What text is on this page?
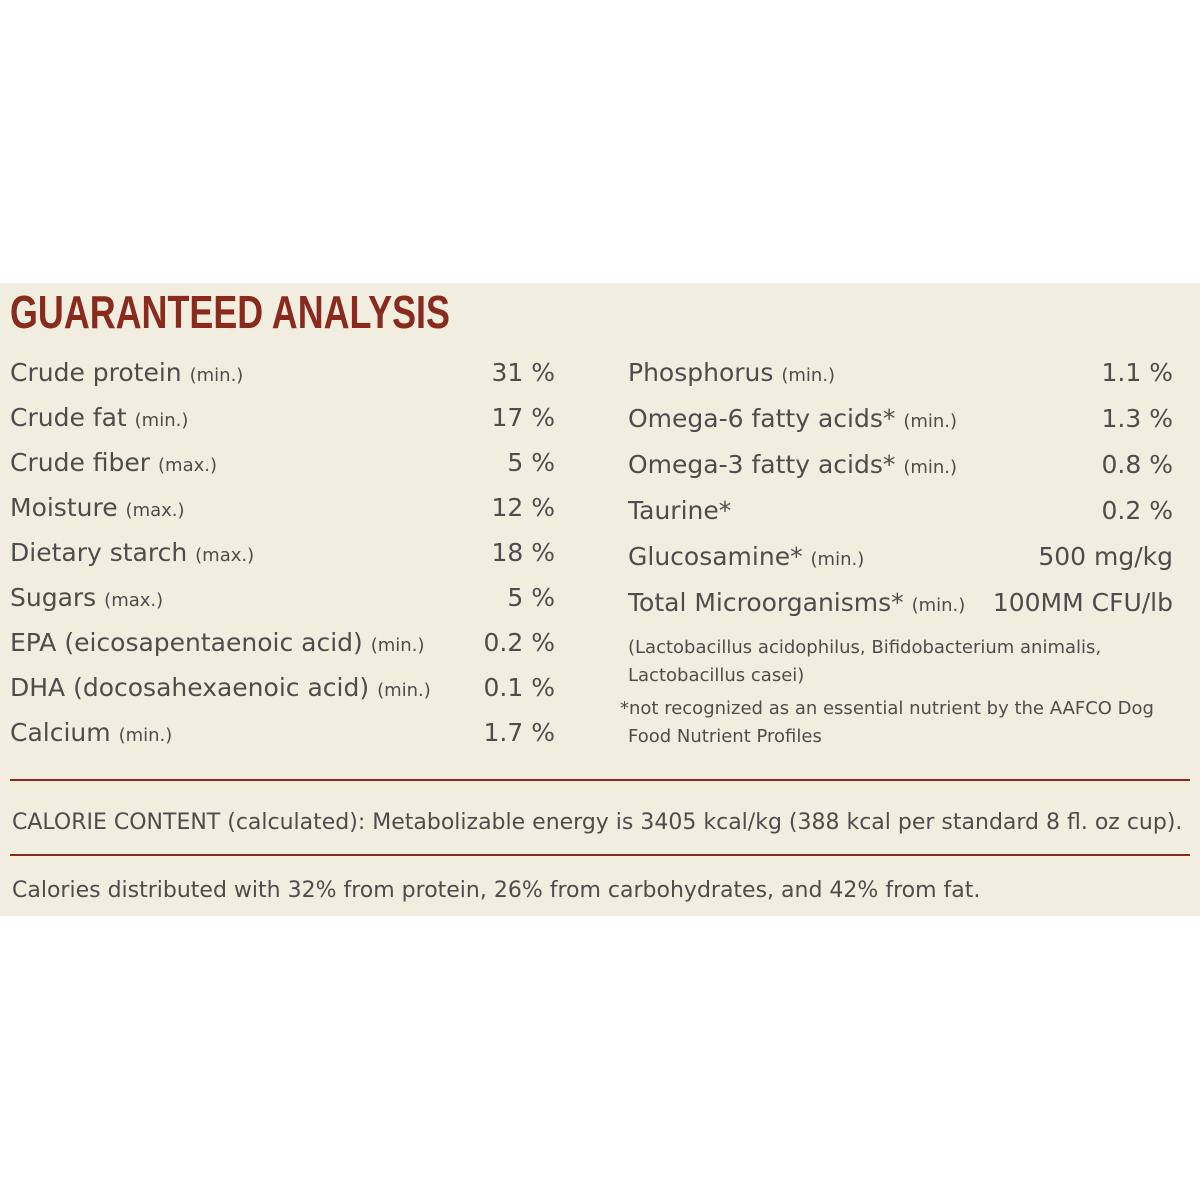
GUARANTEED ANALYSIS
Crude protein (min.)	31 %
Crude fat (min.)	17 %
Crude fiber (max.)	5 %
Moisture (max.)	12 %
Dietary starch (max.)	18 %
Sugars (max.)	5 %
EPA (eicosapentaenoic acid) (min.) 0.2 %
DHA (docosahexaenoic acid) (min.) 0.1 %
Calcium (min.)	1.7 %
Phosphorus (min.)	1.1 %
Omega-6 fatty acids* (min.)	1.3 %
Omega-3 fatty acids* (min.)	0.8 %
Taurine*	0.2 %
Glucosamine* (min.)	500 mg/kg
Total Microorganisms* (min.) 100MM CFU/lb
(Lactobacillus acidophilus, Bifidobacterium animalis, Lactobacillus casei)
*not recognized as an essential nutrient by the AAFCO Dog
Food Nutrient Profiles
CALORIE CONTENT (calculated): Metabolizable energy is 3405 kcal/kg (388 kcal per standard 8 fl. oz cup).
Calories distributed with 32% from protein, 26% from carbohydrates, and 42% from fat.
